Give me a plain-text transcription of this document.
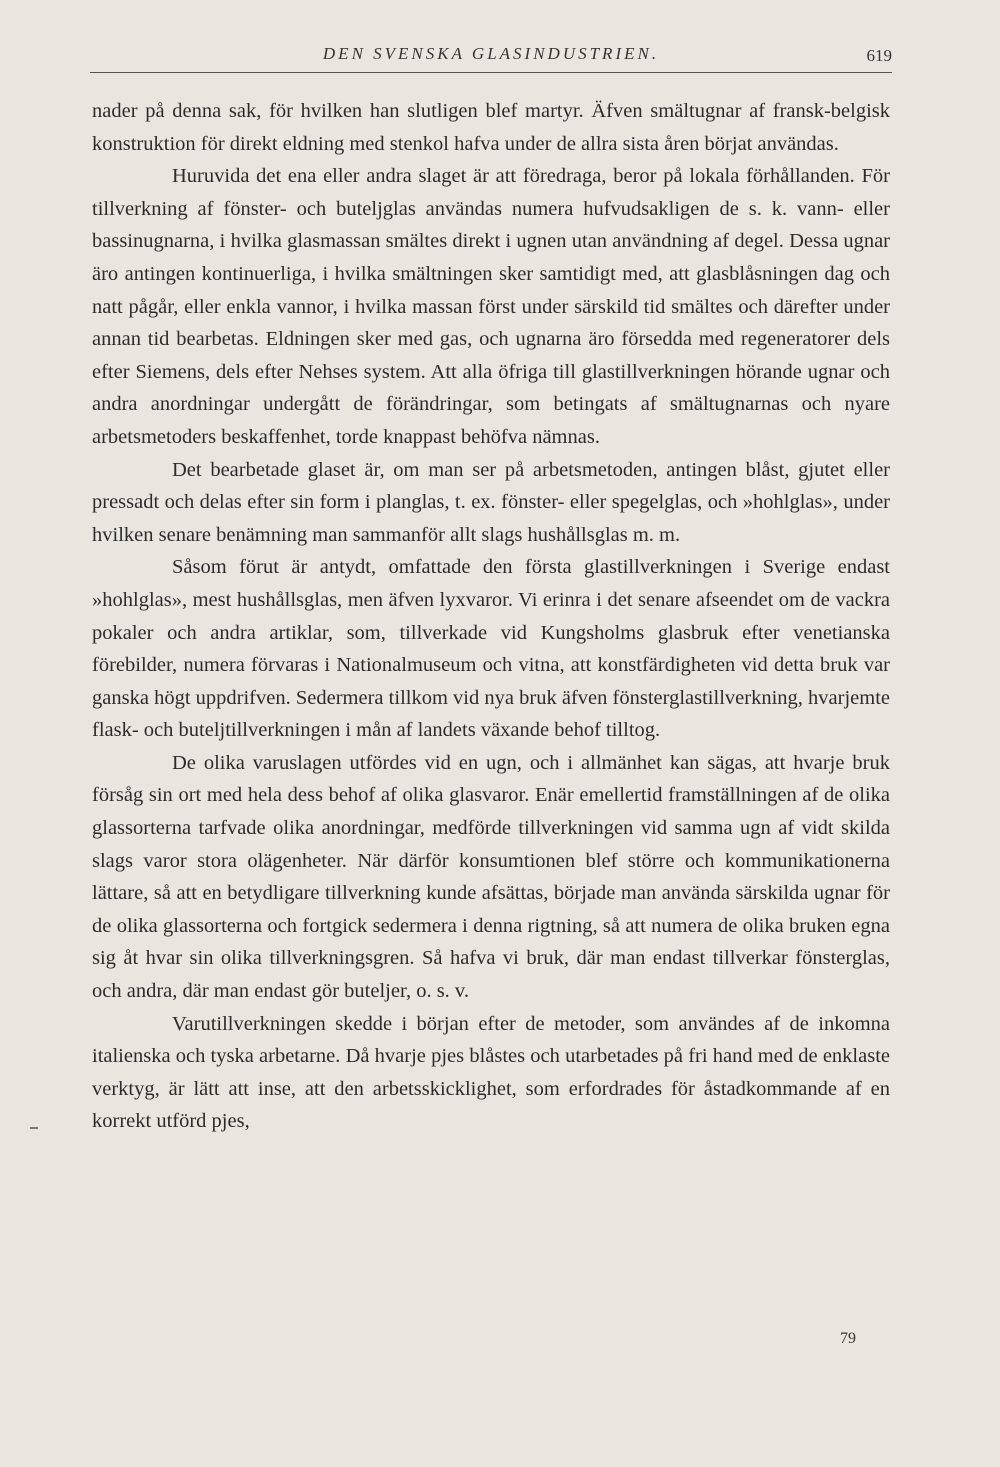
DEN SVENSKA GLASINDUSTRIEN.	619

nader på denna sak, för hvilken han slutligen blef martyr. Äfven smältugnar af fransk-belgisk konstruktion för direkt eldning med stenkol hafva under de allra sista åren börjat användas.

Huruvida det ena eller andra slaget är att föredraga, beror på lokala förhållanden. För tillverkning af fönster- och buteljglas användas numera hufvudsakligen de s. k. vann- eller bassinugnarna, i hvilka glasmassan smältes direkt i ugnen utan användning af degel. Dessa ugnar äro antingen kontinuerliga, i hvilka smältningen sker samtidigt med, att glasblåsningen dag och natt pågår, eller enkla vannor, i hvilka massan först under särskild tid smältes och därefter under annan tid bearbetas. Eldningen sker med gas, och ugnarna äro försedda med regeneratorer dels efter Siemens, dels efter Nehses system. Att alla öfriga till glastillverkningen hörande ugnar och andra anordningar undergått de förändringar, som betingats af smältugnarnas och nyare arbetsmetoders beskaffenhet, torde knappast behöfva nämnas.

Det bearbetade glaset är, om man ser på arbetsmetoden, antingen blåst, gjutet eller pressadt och delas efter sin form i planglas, t. ex. fönster- eller spegelglas, och »hohlglas», under hvilken senare benämning man sammanför allt slags hushållsglas m. m.

Såsom förut är antydt, omfattade den första glastillverkningen i Sverige endast »hohlglas», mest hushållsglas, men äfven lyxvaror. Vi erinra i det senare afseendet om de vackra pokaler och andra artiklar, som, tillverkade vid Kungsholms glasbruk efter venetianska förebilder, numera förvaras i Nationalmuseum och vitna, att konstfärdigheten vid detta bruk var ganska högt uppdrifven. Sedermera tillkom vid nya bruk äfven fönsterglastillverkning, hvarjemte flask- och buteljtillverkningen i mån af landets växande behof tilltog.

De olika varuslagen utfördes vid en ugn, och i allmänhet kan sägas, att hvarje bruk försåg sin ort med hela dess behof af olika glasvaror. Enär emellertid framställningen af de olika glassorterna tarfvade olika anordningar, medförde tillverkningen vid samma ugn af vidt skilda slags varor stora olägenheter. När därför konsumtionen blef större och kommunikationerna lättare, så att en betydligare tillverkning kunde afsättas, började man använda särskilda ugnar för de olika glassorterna och fortgick sedermera i denna rigtning, så att numera de olika bruken egna sig åt hvar sin olika tillverkningsgren. Så hafva vi bruk, där man endast tillverkar fönsterglas, och andra, där man endast gör buteljer, o. s. v.

Varutillverkningen skedde i början efter de metoder, som användes af de inkomna italienska och tyska arbetarne. Då hvarje pjes blåstes och utarbetades på fri hand med de enklaste verktyg, är lätt att inse, att den arbetsskicklighet, som erfordrades för åstadkommande af en korrekt utförd pjes,

79
